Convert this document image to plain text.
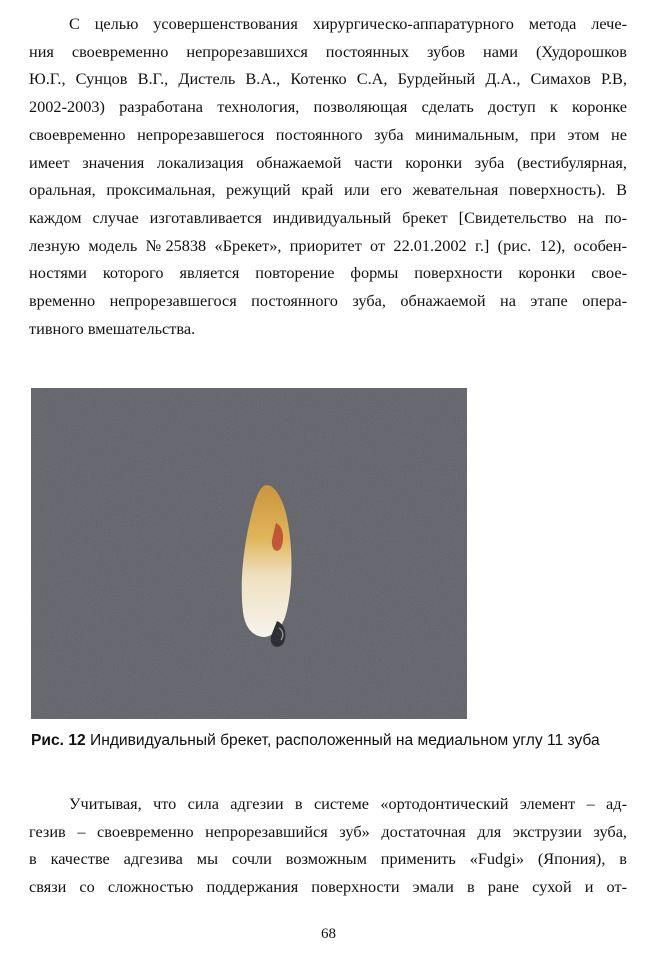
С целью усовершенствования хирургическо-аппаратурного метода лече-
ния своевременно непрорезавшихся постоянных зубов нами (Худорошков
Ю.Г., Сунцов В.Г., Дистель В.А., Котенко С.А, Бурдейный Д.А., Симахов Р.В,
2002-2003) разработана технология, позволяющая сделать доступ к коронке
своевременно непрорезавшегося постоянного зуба минимальным, при этом не
имеет значения локализация обнажаемой части коронки зуба (вестибулярная,
оральная, проксимальная, режущий край или его жевательная поверхность). В
каждом случае изготавливается индивидуальный брекет [Свидетельство на по-
лезную модель №25838 «Брекет», приоритет от 22.01.2002 г.] (рис. 12), особен-
ностями которого является повторение формы поверхности коронки свое-
временно непрорезавшегося постоянного зуба, обнажаемой на этапе опера-
тивного вмешательства.
Рис. 12 Индивидуальный брекет, расположенный на медиальном углу 11 зуба
Учитывая, что сила адгезии в системе «ортодонтический элемент – ад-
гезив – своевременно непрорезавшийся зуб» достаточная для экструзии зуба,
в качестве адгезива мы сочли возможным применить «Fudgi» (Япония), в
связи со сложностью поддержания поверхности эмали в ране сухой и от-
68
